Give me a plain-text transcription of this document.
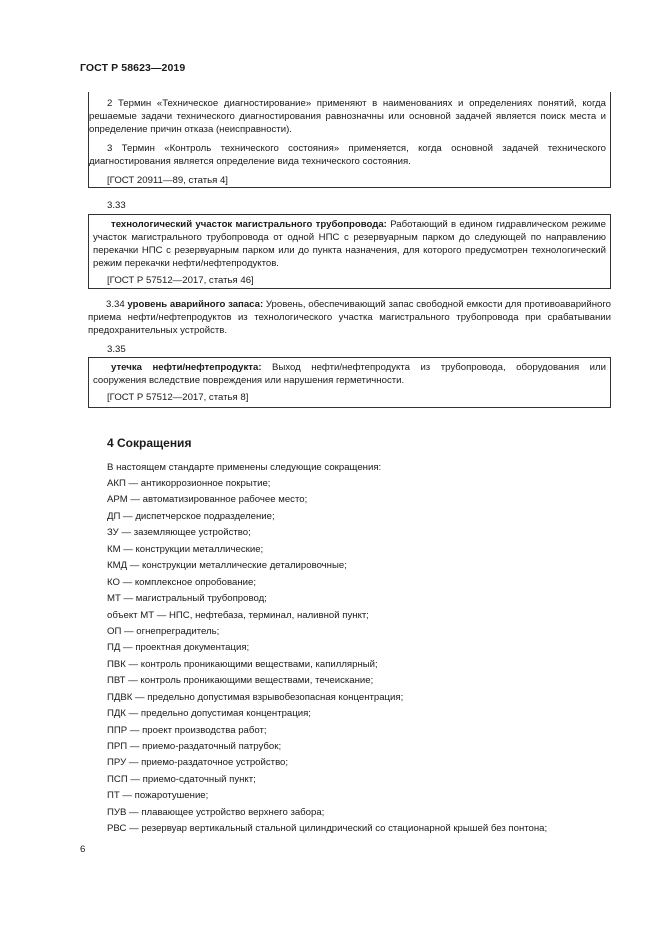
ГОСТ Р 58623—2019

2 Термин «Техническое диагностирование» применяют в наименованиях и определениях понятий, когда решаемые задачи технического диагностирования равнозначны или основной задачей является поиск места и определение причин отказа (неисправности).

3 Термин «Контроль технического состояния» применяется, когда основной задачей технического диагностирования является определение вида технического состояния.

[ГОСТ 20911—89, статья 4]

3.33

технологический участок магистрального трубопровода: Работающий в едином гидравлическом режиме участок магистрального трубопровода от одной НПС с резервуарным парком до следующей по направлению перекачки НПС с резервуарным парком или до пункта назначения, для которого предусмотрен технологический режим перекачки нефти/нефтепродуктов.

[ГОСТ Р 57512—2017, статья 46]

3.34 уровень аварийного запаса: Уровень, обеспечивающий запас свободной емкости для противоаварийного приема нефти/нефтепродуктов из технологического участка магистрального трубопровода при срабатывании предохранительных устройств.

3.35

утечка нефти/нефтепродукта: Выход нефти/нефтепродукта из трубопровода, оборудования или сооружения вследствие повреждения или нарушения герметичности.

[ГОСТ Р 57512—2017, статья 8]

4 Сокращения
В настоящем стандарте применены следующие сокращения:
АКП — антикоррозионное покрытие;
АРМ — автоматизированное рабочее место;
ДП — диспетчерское подразделение;
ЗУ — заземляющее устройство;
КМ — конструкции металлические;
КМД — конструкции металлические деталировочные;
КО — комплексное опробование;
МТ — магистральный трубопровод;
объект МТ — НПС, нефтебаза, терминал, наливной пункт;
ОП — огнепреградитель;
ПД — проектная документация;
ПВК — контроль проникающими веществами, капиллярный;
ПВТ — контроль проникающими веществами, течеискание;
ПДВК — предельно допустимая взрывобезопасная концентрация;
ПДК — предельно допустимая концентрация;
ППР — проект производства работ;
ПРП — приемо-раздаточный патрубок;
ПРУ — приемо-раздаточное устройство;
ПСП — приемо-сдаточный пункт;
ПТ — пожаротушение;
ПУВ — плавающее устройство верхнего забора;
РВС — резервуар вертикальный стальной цилиндрический со стационарной крышей без понтона;
6
